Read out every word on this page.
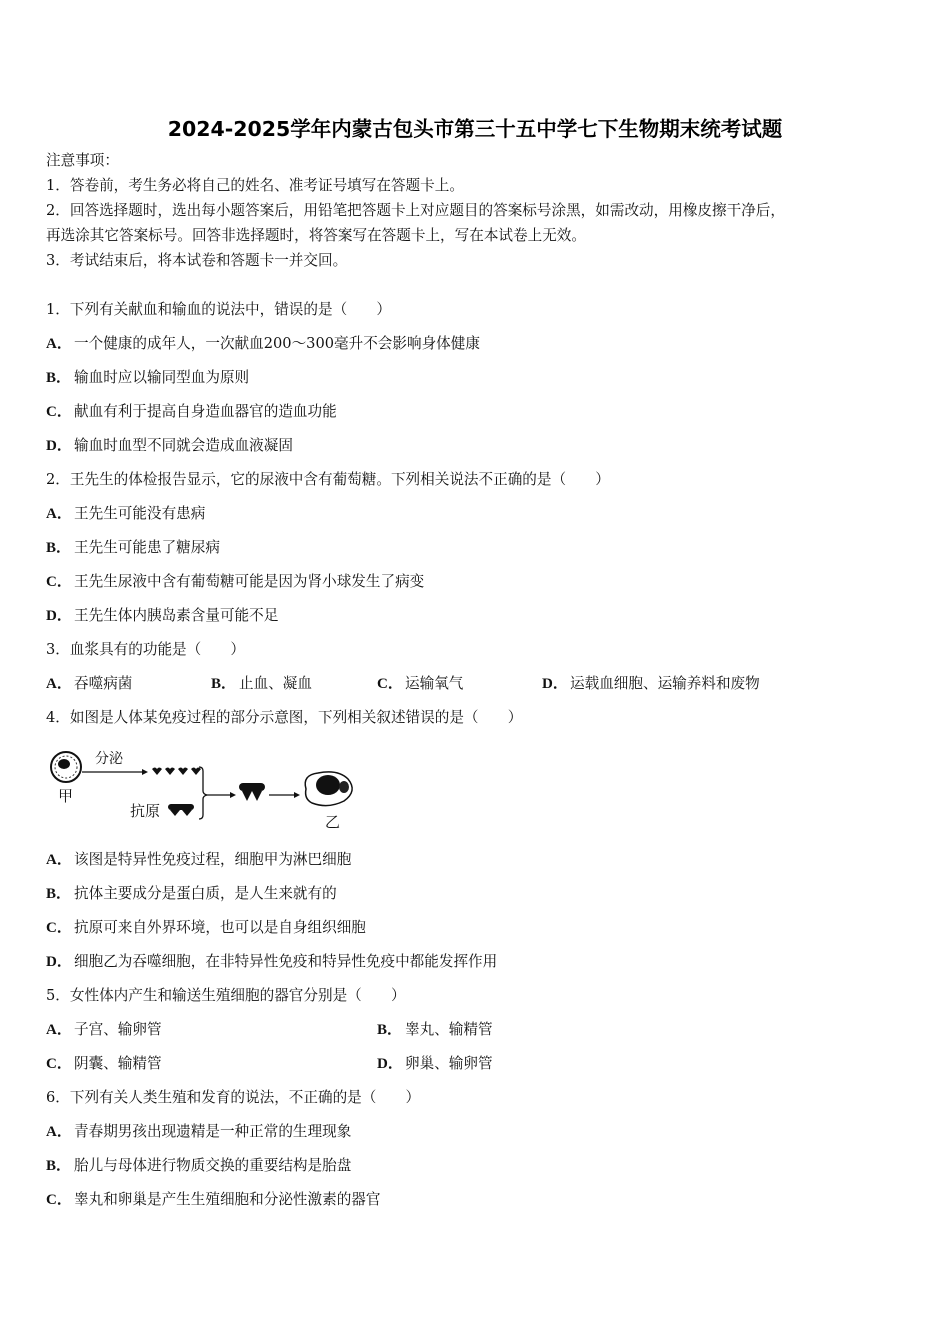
2024-2025学年内蒙古包头市第三十五中学七下生物期末统考试题
注意事项：
1．答卷前，考生务必将自己的姓名、准考证号填写在答题卡上。
2．回答选择题时，选出每小题答案后，用铅笔把答题卡上对应题目的答案标号涂黑，如需改动，用橡皮擦干净后，
再选涂其它答案标号。回答非选择题时，将答案写在答题卡上，写在本试卷上无效。
3．考试结束后，将本试卷和答题卡一并交回。
1．下列有关献血和输血的说法中，错误的是（　　）
A． 一个健康的成年人，一次献血200～300毫升不会影响身体健康
B． 输血时应以输同型血为原则
C． 献血有利于提高自身造血器官的造血功能
D． 输血时血型不同就会造成血液凝固
2．王先生的体检报告显示，它的尿液中含有葡萄糖。下列相关说法不正确的是（　　）
A． 王先生可能没有患病
B． 王先生可能患了糖尿病
C． 王先生尿液中含有葡萄糖可能是因为肾小球发生了病变
D． 王先生体内胰岛素含量可能不足
3．血浆具有的功能是（　　）
A． 吞噬病菌	B． 止血、凝血	C． 运输氧气	D． 运载血细胞、运输养料和废物
4．如图是人体某免疫过程的部分示意图，下列相关叙述错误的是（　　）
甲
分泌
抗原
乙
A． 该图是特异性免疫过程，细胞甲为淋巴细胞
B． 抗体主要成分是蛋白质，是人生来就有的
C． 抗原可来自外界环境，也可以是自身组织细胞
D． 细胞乙为吞噬细胞，在非特异性免疫和特异性免疫中都能发挥作用
5．女性体内产生和输送生殖细胞的器官分别是（　　）
A． 子宫、输卵管	B． 睾丸、输精管
C． 阴囊、输精管	D． 卵巢、输卵管
6．下列有关人类生殖和发育的说法，不正确的是（　　）
A． 青春期男孩出现遗精是一种正常的生理现象
B． 胎儿与母体进行物质交换的重要结构是胎盘
C． 睾丸和卵巢是产生生殖细胞和分泌性激素的器官
